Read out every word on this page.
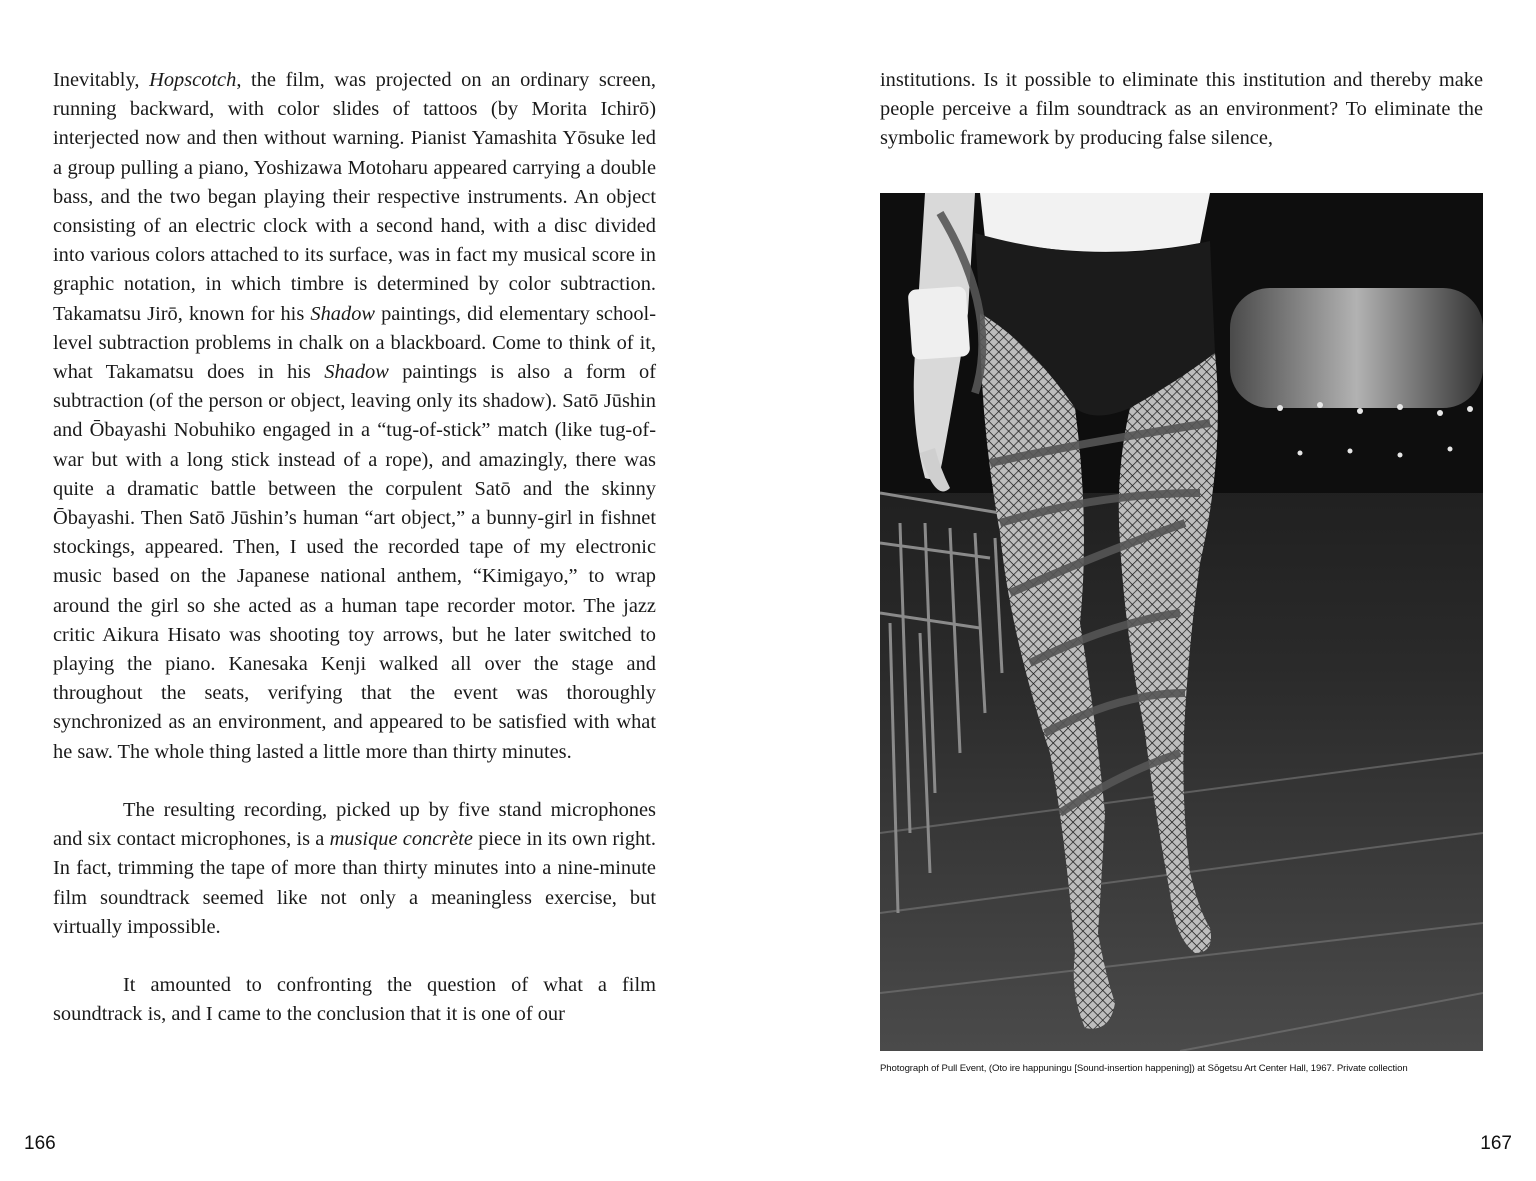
Inevitably, Hopscotch, the film, was projected on an ordinary screen, running backward, with color slides of tattoos (by Morita Ichirō) interjected now and then without warning. Pianist Yamashita Yōsuke led a group pulling a piano, Yoshizawa Motoharu appeared carrying a double bass, and the two began playing their respective instruments. An object consisting of an electric clock with a second hand, with a disc divided into various colors attached to its surface, was in fact my musical score in graphic notation, in which timbre is determined by color subtraction. Takamatsu Jirō, known for his Shadow paintings, did elementary school-level subtraction problems in chalk on a blackboard. Come to think of it, what Takamatsu does in his Shadow paintings is also a form of subtraction (of the person or object, leaving only its shadow). Satō Jūshin and Ōbayashi Nobuhiko engaged in a “tug-of-stick” match (like tug-of-war but with a long stick instead of a rope), and amazingly, there was quite a dramatic battle between the corpulent Satō and the skinny Ōbayashi. Then Satō Jūshin’s human “art object,” a bunny-girl in fishnet stockings, appeared. Then, I used the recorded tape of my electronic music based on the Japanese national anthem, “Kimigayo,” to wrap around the girl so she acted as a human tape recorder motor. The jazz critic Aikura Hisato was shooting toy arrows, but he later switched to playing the piano. Kanesaka Kenji walked all over the stage and throughout the seats, verifying that the event was thoroughly synchronized as an environment, and appeared to be satisfied with what he saw. The whole thing lasted a little more than thirty minutes.

The resulting recording, picked up by five stand microphones and six contact microphones, is a musique concrète piece in its own right. In fact, trimming the tape of more than thirty minutes into a nine-minute film soundtrack seemed like not only a meaningless exercise, but virtually impossible.

It amounted to confronting the question of what a film soundtrack is, and I came to the conclusion that it is one of our

institutions. Is it possible to eliminate this institution and thereby make people perceive a film soundtrack as an environment? To eliminate the symbolic framework by producing false silence,

Photograph of Pull Event, (Oto ire happuningu [Sound-insertion happening]) at Sōgetsu Art Center Hall, 1967. Private collection
166	167
